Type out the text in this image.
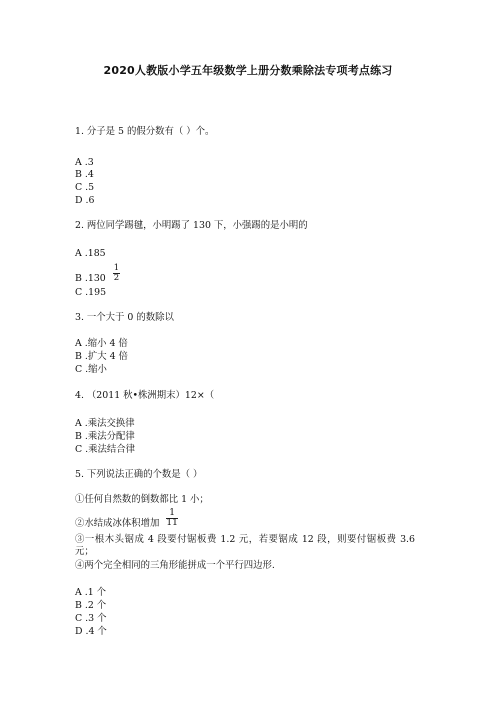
2020人教版小学五年级数学上册分数乘除法专项考点练习
1. 分子是 5 的假分数有（ ）个。
A .3
B .4
C .5
D .6
2. 两位同学踢毽，小明踢了 130 下，小强踢的是小明的
A .185
B $.130 \frac{1}{2}$
C .195
3. 一个大于 0 的数除以
A .缩小 4 倍
B .扩大 4 倍
C .缩小
4. （2011 秋•株洲期末）12×（
A .乘法交换律
B .乘法分配律
C .乘法结合律
5. 下列说法正确的个数是（ ）
①任何自然数的倒数都比 1 小；
②水结成冰体积增加 $\frac{1}{11}$
③一根木头锯成 4 段要付锯板费 1.2 元，若要锯成 12 段，则要付锯板费 3.6 元；
④两个完全相同的三角形能拼成一个平行四边形.
A .1 个
B .2 个
C .3 个
D .4 个
